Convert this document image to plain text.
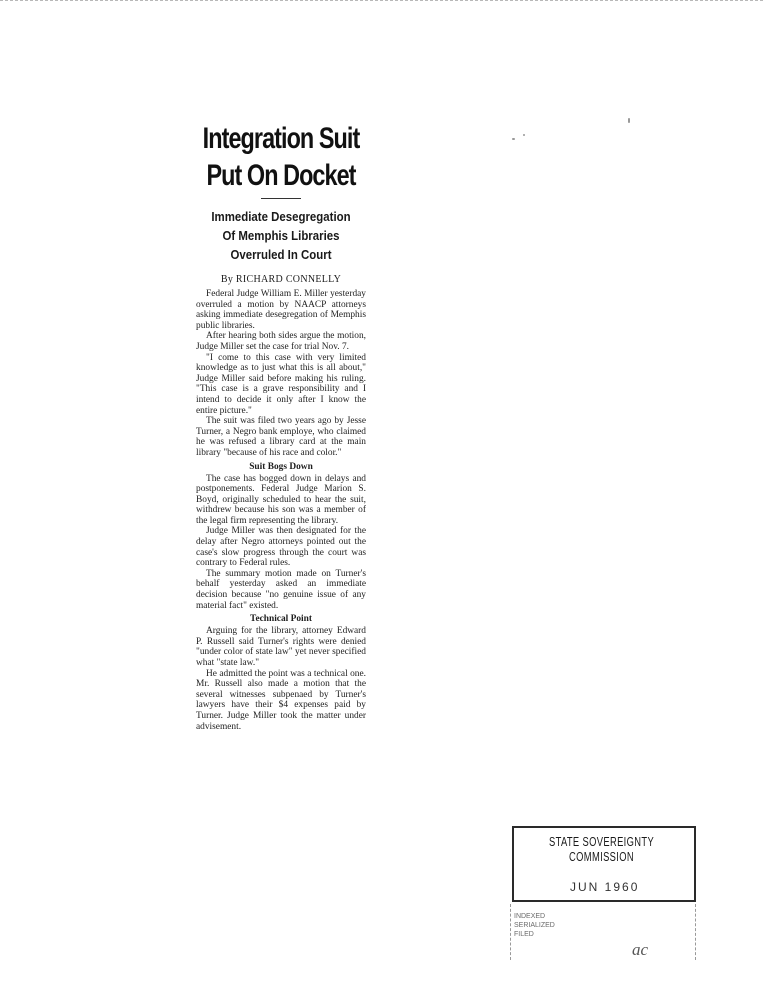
Integration Suit
Put On Docket
Immediate Desegregation
Of Memphis Libraries
Overruled In Court
By RICHARD CONNELLY

Federal Judge William E. Miller yesterday overruled a motion by NAACP attorneys asking immediate desegregation of Memphis public libraries.

After hearing both sides argue the motion, Judge Miller set the case for trial Nov. 7.

"I come to this case with very limited knowledge as to just what this is all about," Judge Miller said before making his ruling. "This case is a grave responsibility and I intend to decide it only after I know the entire picture."

The suit was filed two years ago by Jesse Turner, a Negro bank employe, who claimed he was refused a library card at the main library "because of his race and color."

Suit Bogs Down

The case has bogged down in delays and postponements. Federal Judge Marion S. Boyd, originally scheduled to hear the suit, withdrew because his son was a member of the legal firm representing the library.

Judge Miller was then designated for the delay after Negro attorneys pointed out the case's slow progress through the court was contrary to Federal rules.

The summary motion made on Turner's behalf yesterday asked an immediate decision because "no genuine issue of any material fact" existed.

Technical Point

Arguing for the library, attorney Edward P. Russell said Turner's rights were denied "under color of state law" yet never specified what "state law."

He admitted the point was a technical one. Mr. Russell also made a motion that the several witnesses subpenaed by Turner's lawyers have their $4 expenses paid by Turner. Judge Miller took the matter under advisement.

STATE SOVEREIGNTY COMMISSION
JUN 1960
INDEXED
SERIALIZED
FILED
ac
